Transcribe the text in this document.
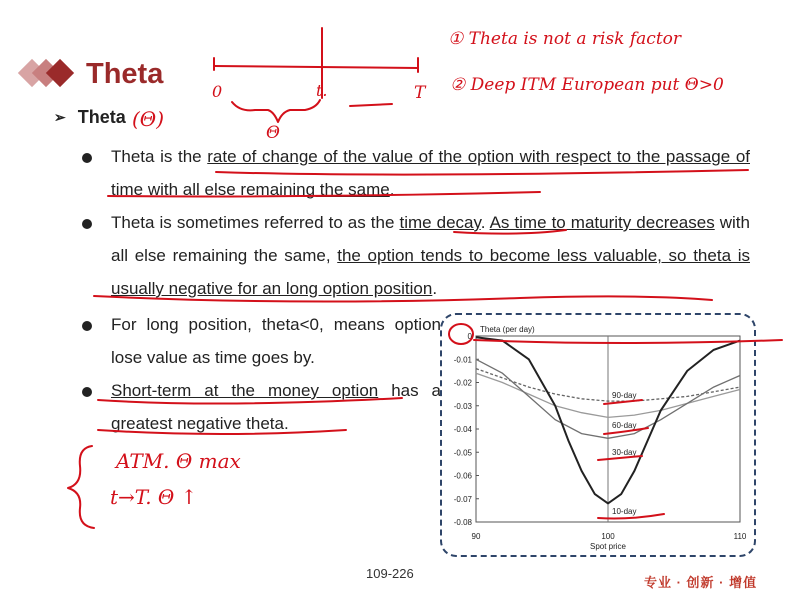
Theta
➢ Theta
Theta is the rate of change of the value of the option with respect to the passage of time with all else remaining the same.
Theta is sometimes referred to as the time decay. As time to maturity decreases with all else remaining the same, the option tends to become less valuable, so theta is usually negative for an long option position.
For long position, theta<0, means option lose value as time goes by.
Short-term at the money option has a greatest negative theta.
0
-0.01
-0.02
-0.03
-0.04
-0.05
-0.06
-0.07
-0.08
90	100	110
90-day
60-day
30-day
10-day
Theta (per day)
Spot price
0	t.	T
Θ
(Θ)
① Theta is not a risk factor
② Deep ITM European put Θ>0
ATM. Θ max
t→T. Θ ↑
109-226
专业 · 创新 · 增值
